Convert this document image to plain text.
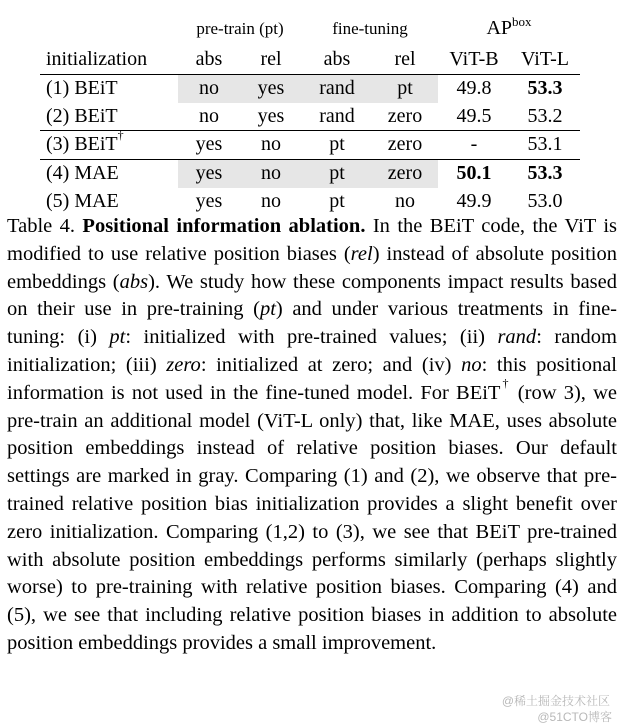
	pre-train (pt)		fine-tuning		$AP^{box}$
initialization	abs	rel	abs	rel	ViT-B	ViT-L
(1) BEiT	no	yes	rand	pt	49.8	53.3
(2) BEiT	no	yes	rand	zero	49.5	53.2
(3) BEiT†	yes	no	pt	zero	-	53.1
(4) MAE	yes	no	pt	zero	50.1	53.3
(5) MAE	yes	no	pt	no	49.9	53.0
Table 4. Positional information ablation. In the BEiT code, the ViT is modified to use relative position biases (rel) instead of absolute position embeddings (abs). We study how these components impact results based on their use in pre-training (pt) and under various treatments in fine-tuning: (i) pt: initialized with pre-trained values; (ii) rand: random initialization; (iii) zero: initialized at zero; and (iv) no: this positional information is not used in the fine-tuned model. For BEiT† (row 3), we pre-train an additional model (ViT-L only) that, like MAE, uses absolute position embeddings instead of relative position biases. Our default settings are marked in gray. Comparing (1) and (2), we observe that pre-trained relative position bias initialization provides a slight benefit over zero initialization. Comparing (1,2) to (3), we see that BEiT pre-trained with absolute position embeddings performs similarly (perhaps slightly worse) to pre-training with relative position biases. Comparing (4) and (5), we see that including relative position biases in addition to absolute position embeddings provides a small improvement.
@稀土掘金技术社区
@51CTO博客
